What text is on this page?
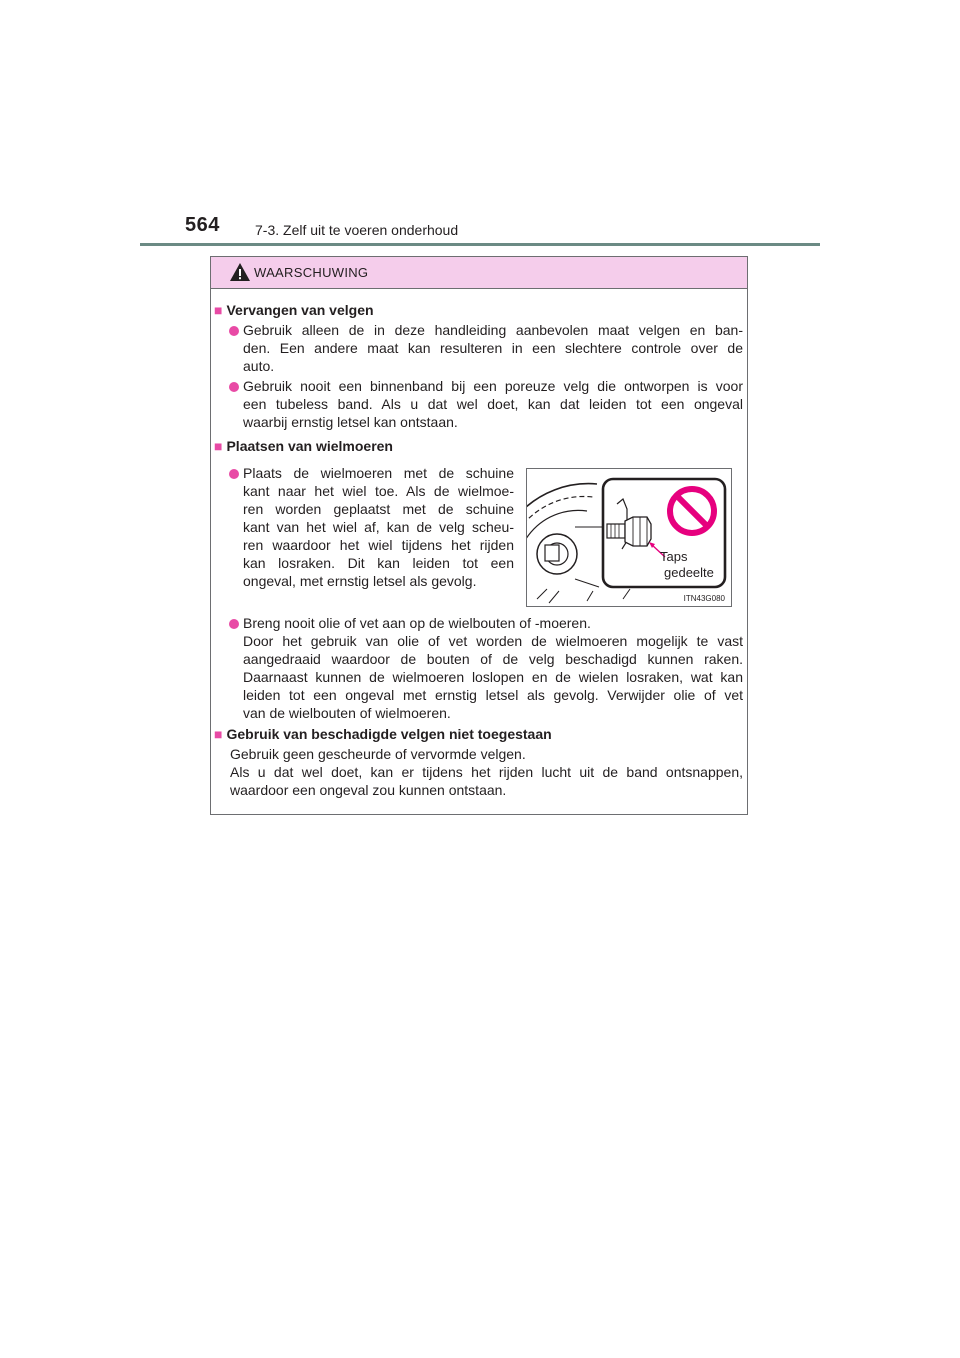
564	7-3. Zelf uit te voeren onderhoud
WAARSCHUWING
■ Vervangen van velgen
Gebruik alleen de in deze handleiding aanbevolen maat velgen en ban-
den. Een andere maat kan resulteren in een slechtere controle over de
auto.
Gebruik nooit een binnenband bij een poreuze velg die ontworpen is voor
een tubeless band. Als u dat wel doet, kan dat leiden tot een ongeval
waarbij ernstig letsel kan ontstaan.
■ Plaatsen van wielmoeren
Plaats de wielmoeren met de schuine
kant naar het wiel toe. Als de wielmoe-
ren worden geplaatst met de schuine
kant van het wiel af, kan de velg scheu-
ren waardoor het wiel tijdens het rijden
kan losraken. Dit kan leiden tot een
ongeval, met ernstig letsel als gevolg.
Taps
gedeelte
ITN43G080
Breng nooit olie of vet aan op de wielbouten of -moeren.
Door het gebruik van olie of vet worden de wielmoeren mogelijk te vast
aangedraaid waardoor de bouten of de velg beschadigd kunnen raken.
Daarnaast kunnen de wielmoeren loslopen en de wielen losraken, wat kan
leiden tot een ongeval met ernstig letsel als gevolg. Verwijder olie of vet
van de wielbouten of wielmoeren.
■ Gebruik van beschadigde velgen niet toegestaan
Gebruik geen gescheurde of vervormde velgen.
Als u dat wel doet, kan er tijdens het rijden lucht uit de band ontsnappen,
waardoor een ongeval zou kunnen ontstaan.
